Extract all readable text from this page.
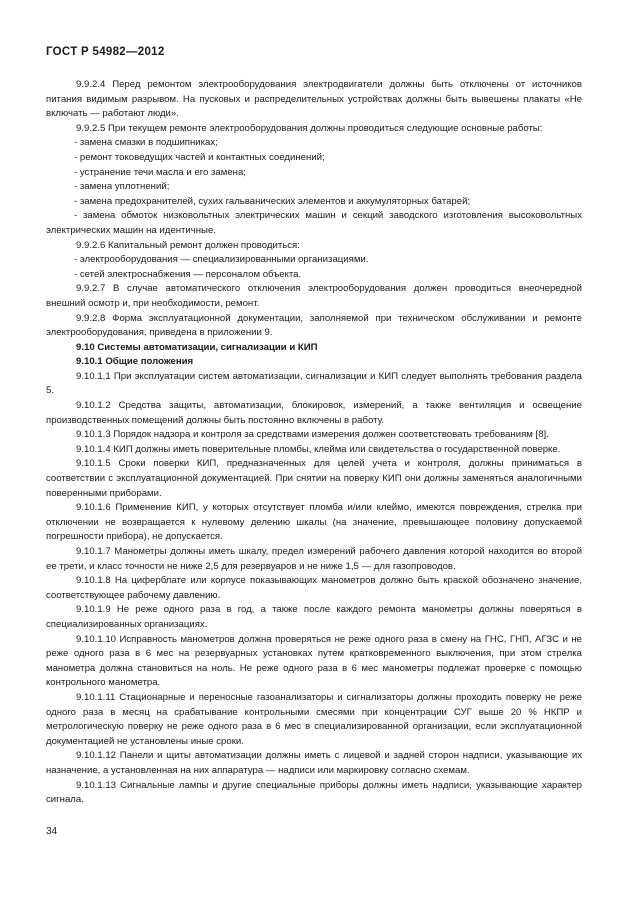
ГОСТ Р 54982—2012

9.9.2.4 Перед ремонтом электрооборудования электродвигатели должны быть отключены от источников питания видимым разрывом. На пусковых и распределительных устройствах должны быть вывешены плакаты «Не включать — работают люди».

9.9.2.5 При текущем ремонте электрооборудования должны проводиться следующие основные работы:

- замена смазки в подшипниках;

- ремонт токоведущих частей и контактных соединений;

- устранение течи масла и его замена;

- замена уплотнений;

- замена предохранителей, сухих гальванических элементов и аккумуляторных батарей;

- замена обмоток низковольтных электрических машин и секций заводского изготовления высоковольтных электрических машин на идентичные.

9.9.2.6 Капитальный ремонт должен проводиться:

- электрооборудования — специализированными организациями.

- сетей электроснабжения — персоналом объекта.

9.9.2.7 В случае автоматического отключения электрооборудования должен проводиться внеочередной внешний осмотр и, при необходимости, ремонт.

9.9.2.8 Форма эксплуатационной документации, заполняемой при техническом обслуживании и ремонте электрооборудования, приведена в приложении 9.

9.10 Системы автоматизации, сигнализации и КИП

9.10.1 Общие положения

9.10.1.1 При эксплуатации систем автоматизации, сигнализации и КИП следует выполнять требования раздела 5.

9.10.1.2 Средства защиты, автоматизации, блокировок, измерений, а также вентиляция и освещение производственных помещений должны быть постоянно включены в работу.

9.10.1.3 Порядок надзора и контроля за средствами измерения должен соответствовать требованиям [8].

9.10.1.4 КИП должны иметь поверительные пломбы, клейма или свидетельства о государственной поверке.

9.10.1.5 Сроки поверки КИП, предназначенных для целей учета и контроля, должны приниматься в соответствии с эксплуатационной документацией. При снятии на поверку КИП они должны заменяться аналогичными поверенными приборами.

9.10.1.6 Применение КИП, у которых отсутствует пломба и/или клеймо, имеются повреждения, стрелка при отключении не возвращается к нулевому делению шкалы (на значение, превышающее половину допускаемой погрешности прибора), не допускается.

9.10.1.7 Манометры должны иметь шкалу, предел измерений рабочего давления которой находится во второй ее трети, и класс точности не ниже 2,5 для резервуаров и не ниже 1,5 — для газопроводов.

9.10.1.8 На циферблате или корпусе показывающих манометров должно быть краской обозначено значение, соответствующее рабочему давлению.

9.10.1.9 Не реже одного раза в год, а также после каждого ремонта манометры должны поверяться в специализированных организациях.

9.10.1.10 Исправность манометров должна проверяться не реже одного раза в смену на ГНС, ГНП, АГЗС и не реже одного раза в 6 мес на резервуарных установках путем кратковременного выключения, при этом стрелка манометра должна становиться на ноль. Не реже одного раза в 6 мес манометры подлежат проверке с помощью контрольного манометра.

9.10.1.11 Стационарные и переносные газоанализаторы и сигнализаторы должны проходить поверку не реже одного раза в месяц на срабатывание контрольными смесями при концентрации СУГ выше 20 % НКПР и метрологическую поверку не реже одного раза в 6 мес в специализированной организации, если эксплуатационной документацией не установлены иные сроки.

9.10.1.12 Панели и щиты автоматизации должны иметь с лицевой и задней сторон надписи, указывающие их назначение, а установленная на них аппаратура — надписи или маркировку согласно схемам.

9.10.1.13 Сигнальные лампы и другие специальные приборы должны иметь надписи, указывающие характер сигнала.

34
